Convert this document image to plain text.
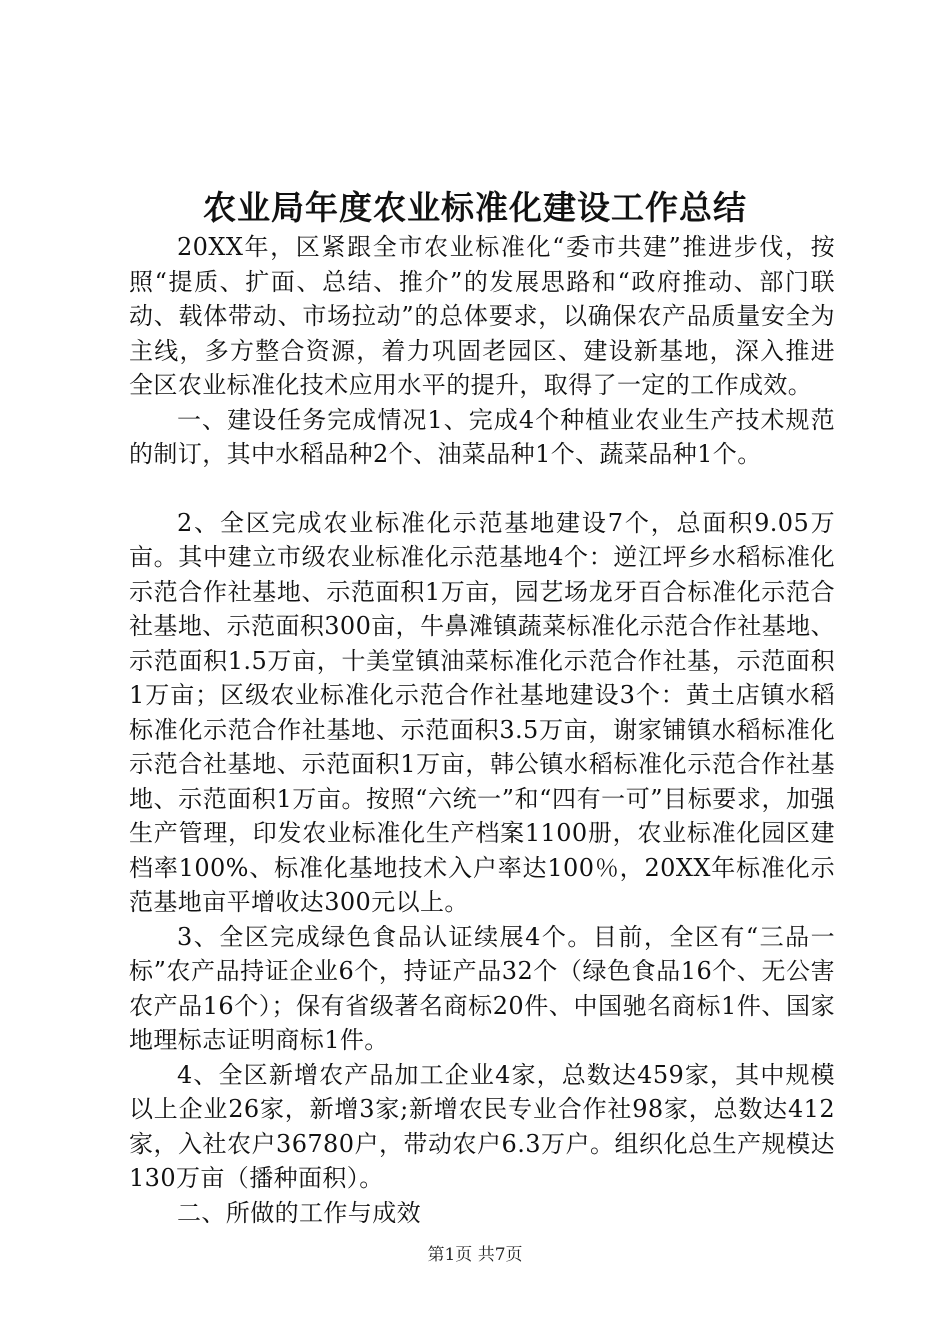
农业局年度农业标准化建设工作总结

20XX年，区紧跟全市农业标准化“委市共建”推进步伐，按照“提质、扩面、总结、推介”的发展思路和“政府推动、部门联动、载体带动、市场拉动”的总体要求，以确保农产品质量安全为主线，多方整合资源，着力巩固老园区、建设新基地，深入推进全区农业标准化技术应用水平的提升，取得了一定的工作成效。

一、建设任务完成情况1、完成4个种植业农业生产技术规范的制订，其中水稻品种2个、油菜品种1个、蔬菜品种1个。

2、全区完成农业标准化示范基地建设7个，总面积9.05万亩。其中建立市级农业标准化示范基地4个：逆江坪乡水稻标准化示范合作社基地、示范面积1万亩，园艺场龙牙百合标准化示范合社基地、示范面积300亩，牛鼻滩镇蔬菜标准化示范合作社基地、示范面积1.5万亩，十美堂镇油菜标准化示范合作社基，示范面积1万亩；区级农业标准化示范合作社基地建设3个：黄土店镇水稻标准化示范合作社基地、示范面积3.5万亩，谢家铺镇水稻标准化示范合社基地、示范面积1万亩，韩公镇水稻标准化示范合作社基地、示范面积1万亩。按照“六统一”和“四有一可”目标要求，加强生产管理，印发农业标准化生产档案1100册，农业标准化园区建档率100%、标准化基地技术入户率达100％，20XX年标准化示范基地亩平增收达300元以上。

3、全区完成绿色食品认证续展4个。目前，全区有“三品一标”农产品持证企业6个，持证产品32个（绿色食品16个、无公害农产品16个）；保有省级著名商标20件、中国驰名商标1件、国家地理标志证明商标1件。

4、全区新增农产品加工企业4家，总数达459家，其中规模以上企业26家，新增3家;新增农民专业合作社98家，总数达412家，入社农户36780户，带动农户6.3万户。组织化总生产规模达130万亩（播种面积）。

二、所做的工作与成效

第1页 共7页
